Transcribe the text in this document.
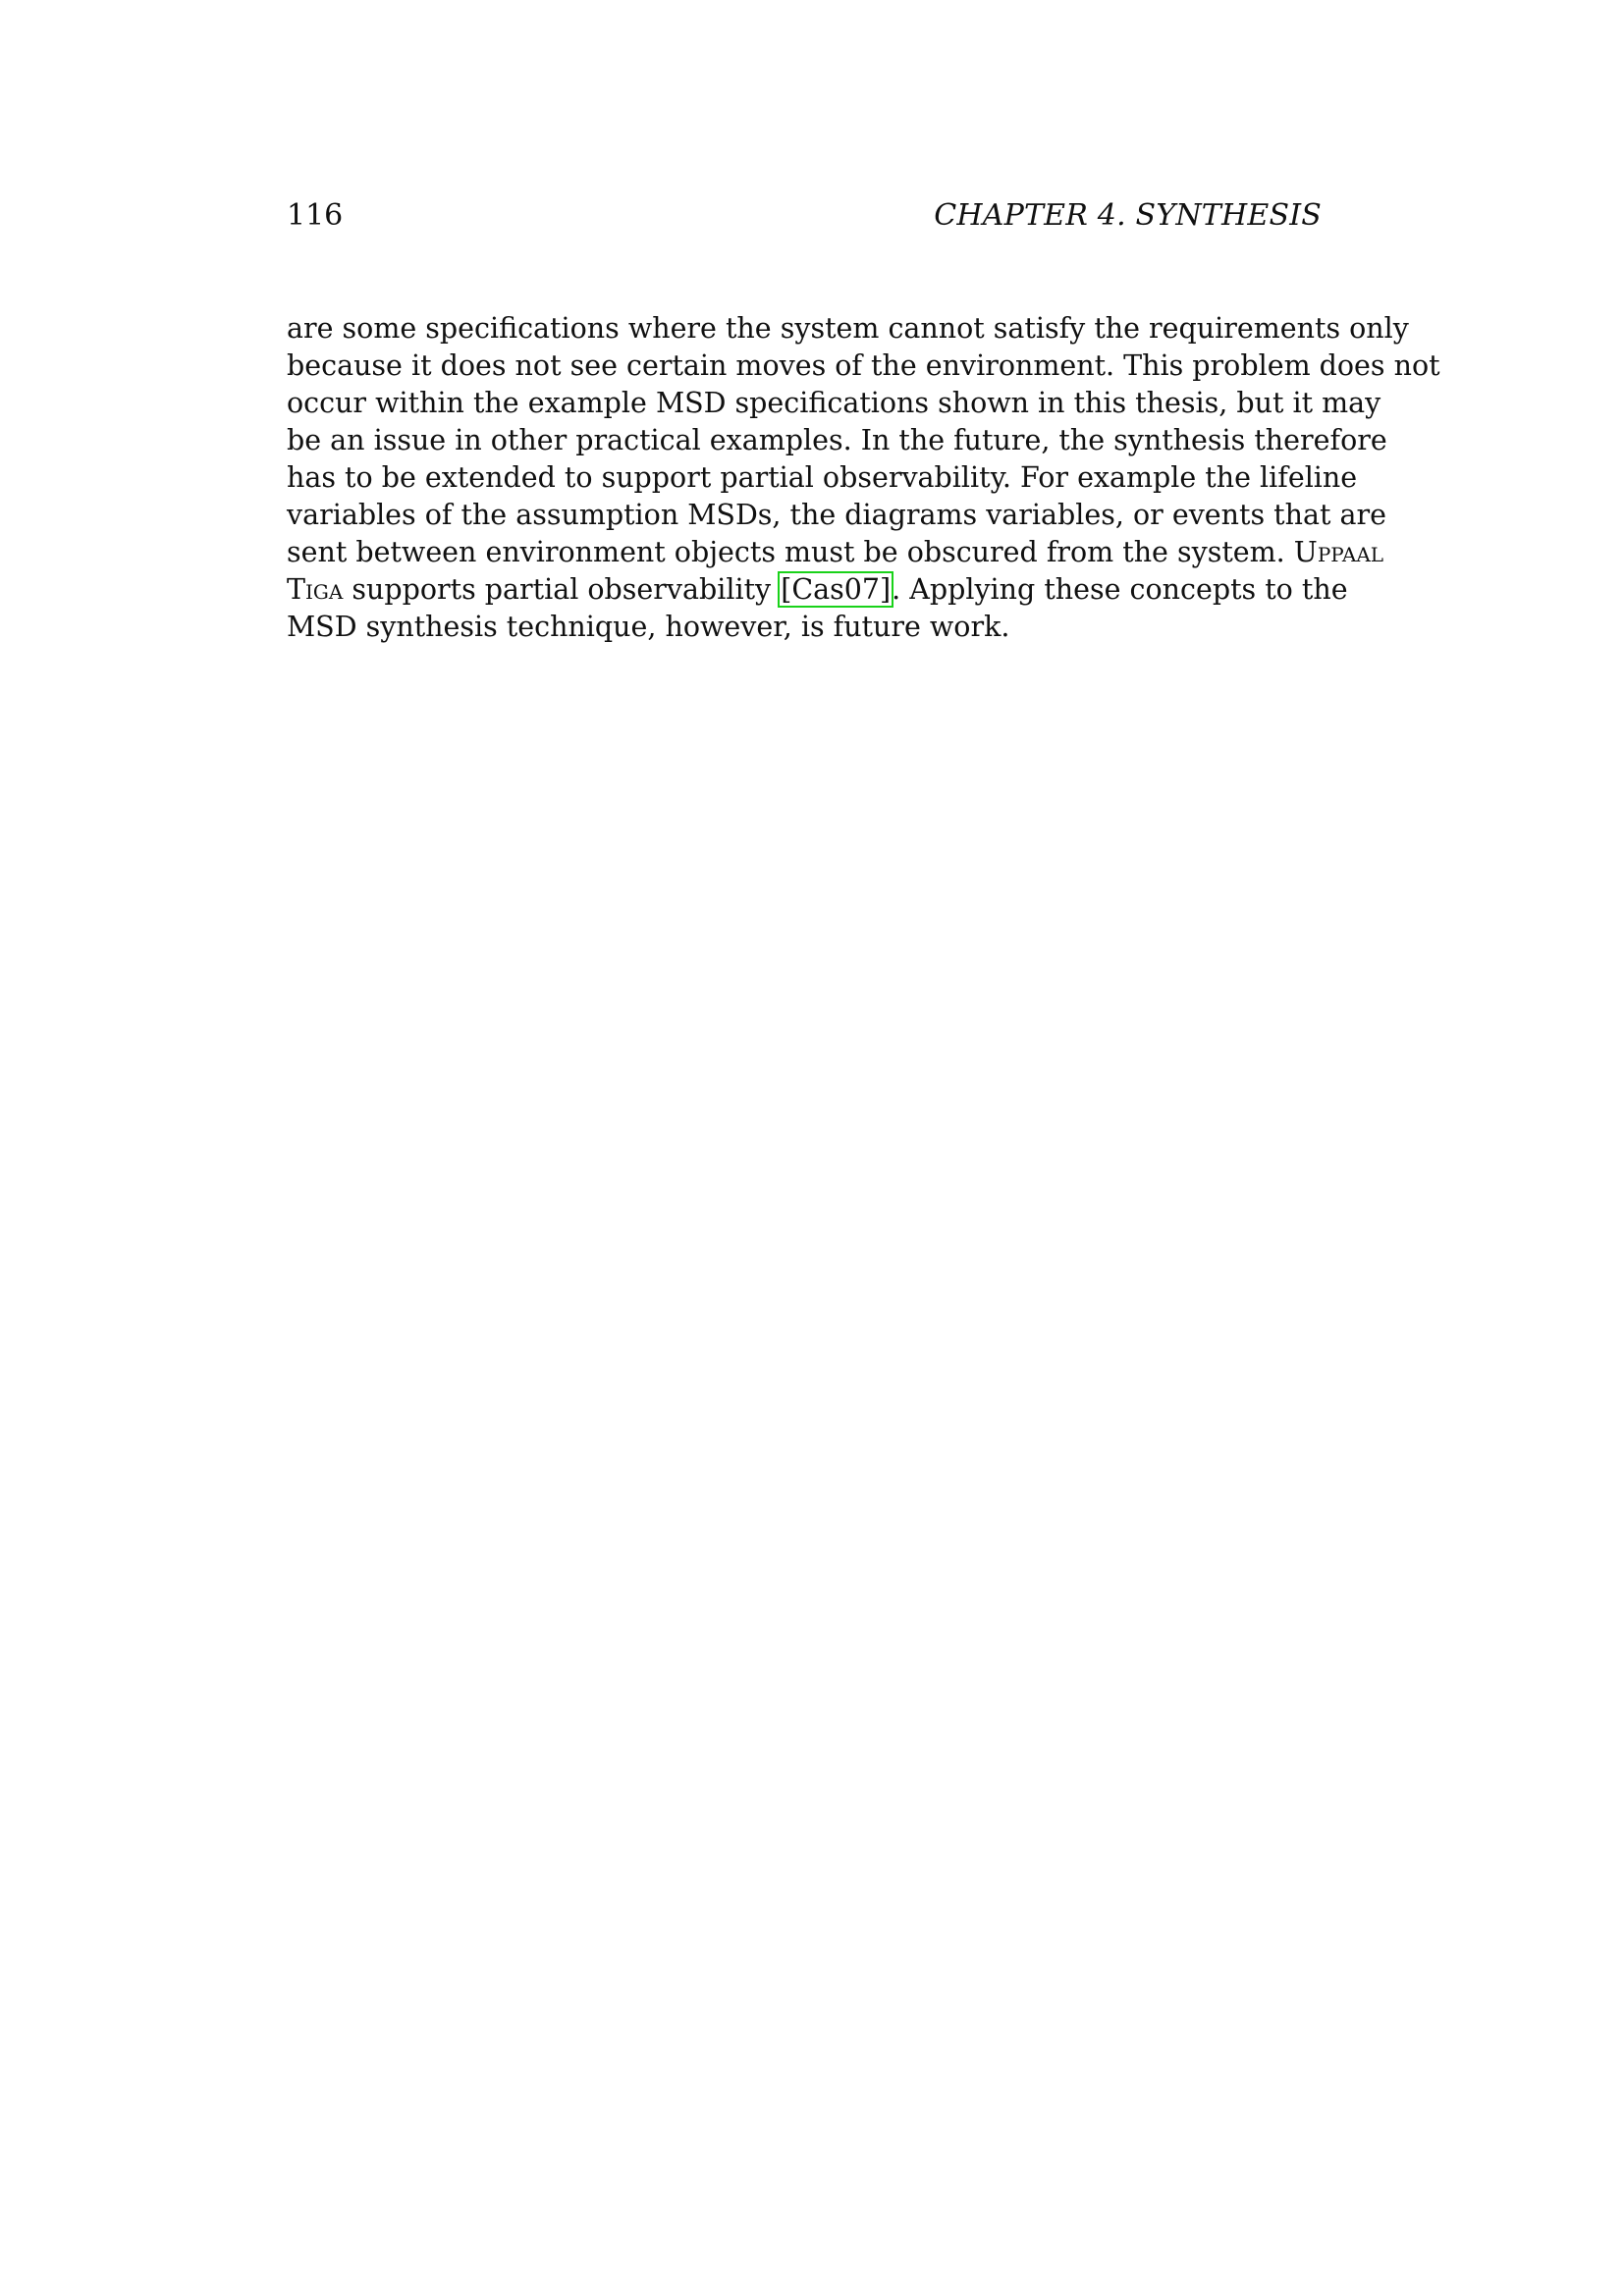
116	CHAPTER 4. SYNTHESIS
are some specifications where the system cannot satisfy the requirements only
because it does not see certain moves of the environment. This problem does not
occur within the example MSD specifications shown in this thesis, but it may
be an issue in other practical examples. In the future, the synthesis therefore
has to be extended to support partial observability. For example the lifeline
variables of the assumption MSDs, the diagrams variables, or events that are
sent between environment objects must be obscured from the system. Uppaal
Tiga supports partial observability [Cas07]. Applying these concepts to the
MSD synthesis technique, however, is future work.
